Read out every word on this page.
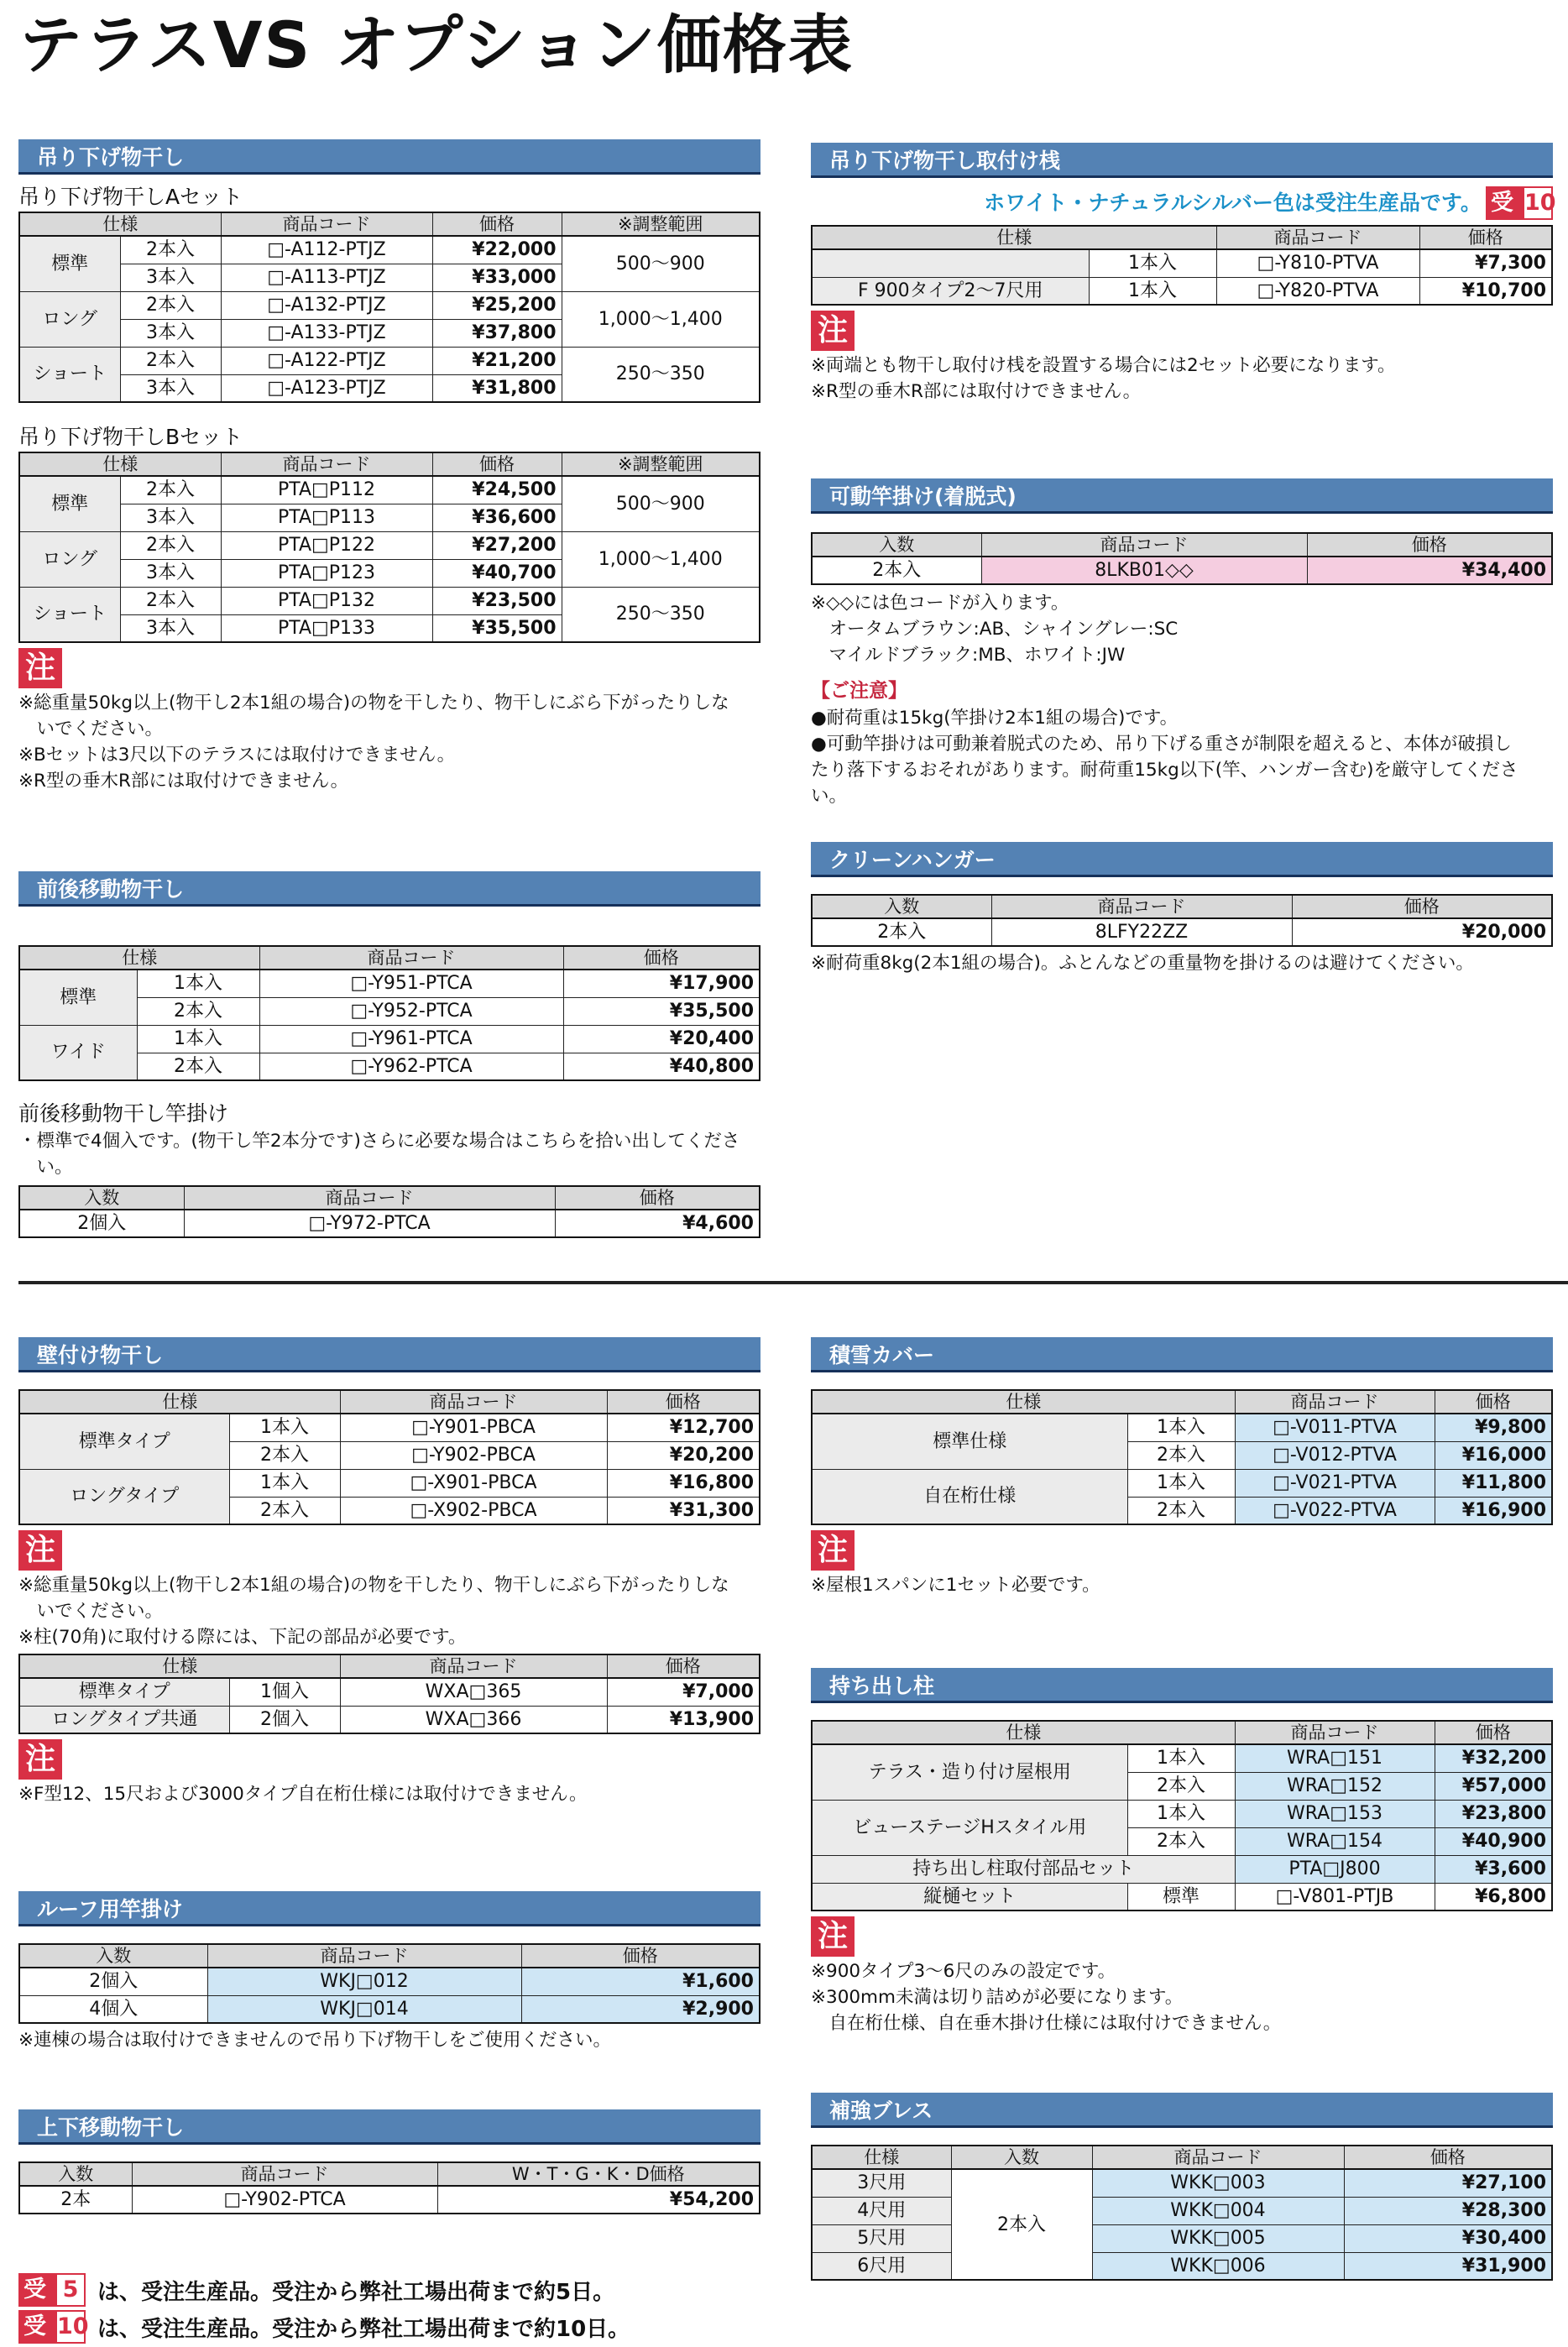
テラスVS オプション価格表
吊り下げ物干し
吊り下げ物干しAセット
仕様		商品コード	価格	※調整範囲
標準	2本入	□-A112-PTJZ	¥22,000	500〜900
	3本入	□-A113-PTJZ	¥33,000	
ロング	2本入	□-A132-PTJZ	¥25,200	1,000〜1,400
	3本入	□-A133-PTJZ	¥37,800	
ショート	2本入	□-A122-PTJZ	¥21,200	250〜350
	3本入	□-A123-PTJZ	¥31,800	
吊り下げ物干しBセット
仕様		商品コード	価格	※調整範囲
標準	2本入	PTA□P112	¥24,500	500〜900
	3本入	PTA□P113	¥36,600	
ロング	2本入	PTA□P122	¥27,200	1,000〜1,400
	3本入	PTA□P123	¥40,700	
ショート	2本入	PTA□P132	¥23,500	250〜350
	3本入	PTA□P133	¥35,500	
注
※総重量50kg以上(物干し2本1組の場合)の物を干したり、物干しにぶら下がったりしな
　いでください。
※Bセットは3尺以下のテラスには取付けできません。
※R型の垂木R部には取付けできません。
前後移動物干し
仕様		商品コード	価格
標準	1本入	□-Y951-PTCA	¥17,900
	2本入	□-Y952-PTCA	¥35,500
ワイド	1本入	□-Y961-PTCA	¥20,400
	2本入	□-Y962-PTCA	¥40,800
前後移動物干し竿掛け
・標準で4個入です。(物干し竿2本分です)さらに必要な場合はこちらを拾い出してくださ
　い。
入数	商品コード	価格
2個入	□-Y972-PTCA	¥4,600
吊り下げ物干し取付け桟
ホワイト・ナチュラルシルバー色は受注生産品です。 受 10
仕様		商品コード	価格
	1本入	□-Y810-PTVA	¥7,300
F 900タイプ2〜7尺用	1本入	□-Y820-PTVA	¥10,700
注
※両端とも物干し取付け桟を設置する場合には2セット必要になります。
※R型の垂木R部には取付けできません。
可動竿掛け(着脱式)
入数	商品コード	価格
2本入	8LKB01◇◇	¥34,400
※◇◇には色コードが入ります。
　オータムブラウン:AB、シャイングレー:SC
　マイルドブラック:MB、ホワイト:JW
【ご注意】
●耐荷重は15kg(竿掛け2本1組の場合)です。
●可動竿掛けは可動兼着脱式のため、吊り下げる重さが制限を超えると、本体が破損し
たり落下するおそれがあります。耐荷重15kg以下(竿、ハンガー含む)を厳守してください。
クリーンハンガー
入数	商品コード	価格
2本入	8LFY22ZZ	¥20,000
※耐荷重8kg(2本1組の場合)。ふとんなどの重量物を掛けるのは避けてください。
壁付け物干し
仕様		商品コード	価格
標準タイプ	1本入	□-Y901-PBCA	¥12,700
	2本入	□-Y902-PBCA	¥20,200
ロングタイプ	1本入	□-X901-PBCA	¥16,800
	2本入	□-X902-PBCA	¥31,300
注
※総重量50kg以上(物干し2本1組の場合)の物を干したり、物干しにぶら下がったりしな
　いでください。
※柱(70角)に取付ける際には、下記の部品が必要です。
仕様		商品コード	価格
標準タイプ	1個入	WXA□365	¥7,000
ロングタイプ共通	2個入	WXA□366	¥13,900
注
※F型12、15尺および3000タイプ自在桁仕様には取付けできません。
ルーフ用竿掛け
入数	商品コード	価格
2個入	WKJ□012	¥1,600
4個入	WKJ□014	¥2,900
※連棟の場合は取付けできませんので吊り下げ物干しをご使用ください。
上下移動物干し
入数	商品コード	W・T・G・K・D価格
2本	□-Y902-PTCA	¥54,200
受 5 は、受注生産品。受注から弊社工場出荷まで約5日。
受 10 は、受注生産品。受注から弊社工場出荷まで約10日。
積雪カバー
仕様		商品コード	価格
標準仕様	1本入	□-V011-PTVA	¥9,800
	2本入	□-V012-PTVA	¥16,000
自在桁仕様	1本入	□-V021-PTVA	¥11,800
	2本入	□-V022-PTVA	¥16,900
注
※屋根1スパンに1セット必要です。
持ち出し柱
仕様		商品コード	価格
テラス・造り付け屋根用	1本入	WRA□151	¥32,200
	2本入	WRA□152	¥57,000
ビューステージHスタイル用	1本入	WRA□153	¥23,800
	2本入	WRA□154	¥40,900
持ち出し柱取付部品セット		PTA□J800	¥3,600
縦樋セット	標準	□-V801-PTJB	¥6,800
注
※900タイプ3〜6尺のみの設定です。
※300mm未満は切り詰めが必要になります。
　自在桁仕様、自在垂木掛け仕様には取付けできません。
補強ブレス
仕様	入数	商品コード	価格
3尺用	2本入	WKK□003	¥27,100
4尺用		WKK□004	¥28,300
5尺用		WKK□005	¥30,400
6尺用		WKK□006	¥31,900
